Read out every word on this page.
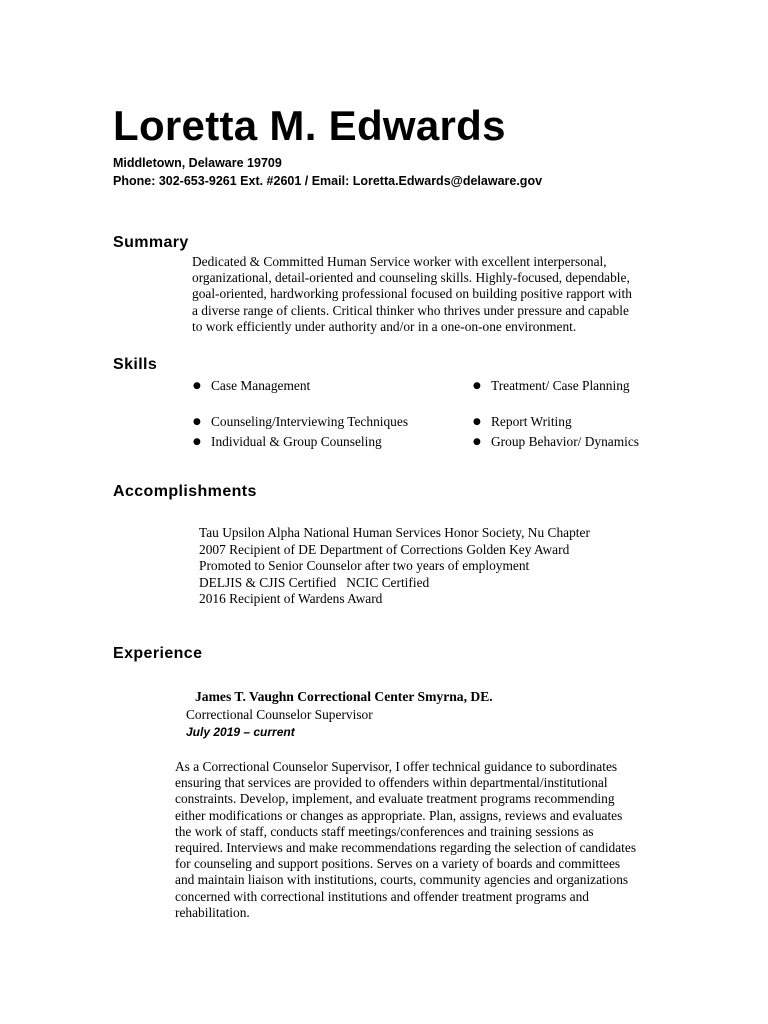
Loretta M. Edwards
Middletown, Delaware 19709
Phone: 302-653-9261 Ext. #2601 / Email: Loretta.Edwards@delaware.gov
Summary
Dedicated & Committed Human Service worker with excellent interpersonal,
organizational, detail-oriented and counseling skills. Highly-focused, dependable,
goal-oriented, hardworking professional focused on building positive rapport with
a diverse range of clients. Critical thinker who thrives under pressure and capable
to work efficiently under authority and/or in a one-on-one environment.
Skills
● Case Management
● Counseling/Interviewing Techniques
● Individual & Group Counseling
● Treatment/ Case Planning
● Report Writing
● Group Behavior/ Dynamics
Accomplishments
Tau Upsilon Alpha National Human Services Honor Society, Nu Chapter
2007 Recipient of DE Department of Corrections Golden Key Award
Promoted to Senior Counselor after two years of employment
DELJIS & CJIS Certified   NCIC Certified
2016 Recipient of Wardens Award
Experience
James T. Vaughn Correctional Center Smyrna, DE.
Correctional Counselor Supervisor
July 2019 – current
As a Correctional Counselor Supervisor, I offer technical guidance to subordinates
ensuring that services are provided to offenders within departmental/institutional
constraints. Develop, implement, and evaluate treatment programs recommending
either modifications or changes as appropriate. Plan, assigns, reviews and evaluates
the work of staff, conducts staff meetings/conferences and training sessions as
required. Interviews and make recommendations regarding the selection of candidates
for counseling and support positions. Serves on a variety of boards and committees
and maintain liaison with institutions, courts, community agencies and organizations
concerned with correctional institutions and offender treatment programs and
rehabilitation.
